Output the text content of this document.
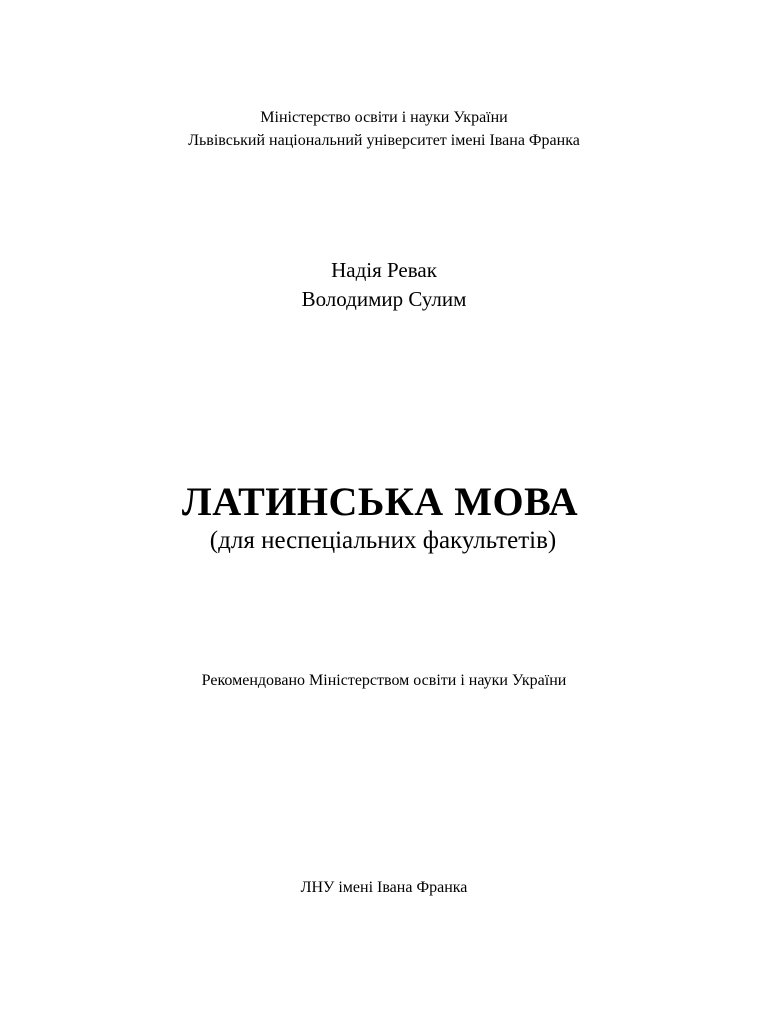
Міністерство освіти і науки України
Львівський національний університет імені Івана Франка
Надія Ревак
Володимир Сулим
ЛАТИНСЬКА МОВА
(для неспеціальних факультетів)
Рекомендовано Міністерством освіти і науки України
ЛНУ імені Івана Франка
